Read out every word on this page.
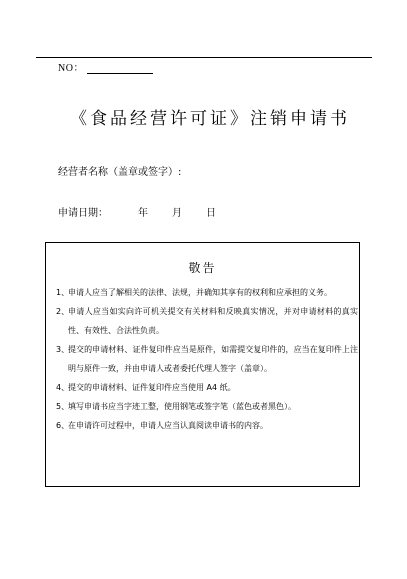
NO：
《食品经营许可证》注销申请书
经营者名称（盖章或签字）:
申请日期：	年	月	日
敬告
1、
申请人应当了解相关的法律、法规，并确知其享有的权利和应承担的义务。
2、
申请人应当如实向许可机关提交有关材料和反映真实情况，并对申请材料的真实性、有效性、合法性负责。
3、
提交的申请材料、证件复印件应当是原件，如需提交复印件的，应当在复印件上注明与原件一致，并由申请人或者委托代理人签字（盖章）。
4、
提交的申请材料、证件复印件应当使用 A4 纸。
5、
填写申请书应当字迹工整，使用钢笔或签字笔（蓝色或者黑色）。
6、
在申请许可过程中，申请人应当认真阅读申请书的内容。
